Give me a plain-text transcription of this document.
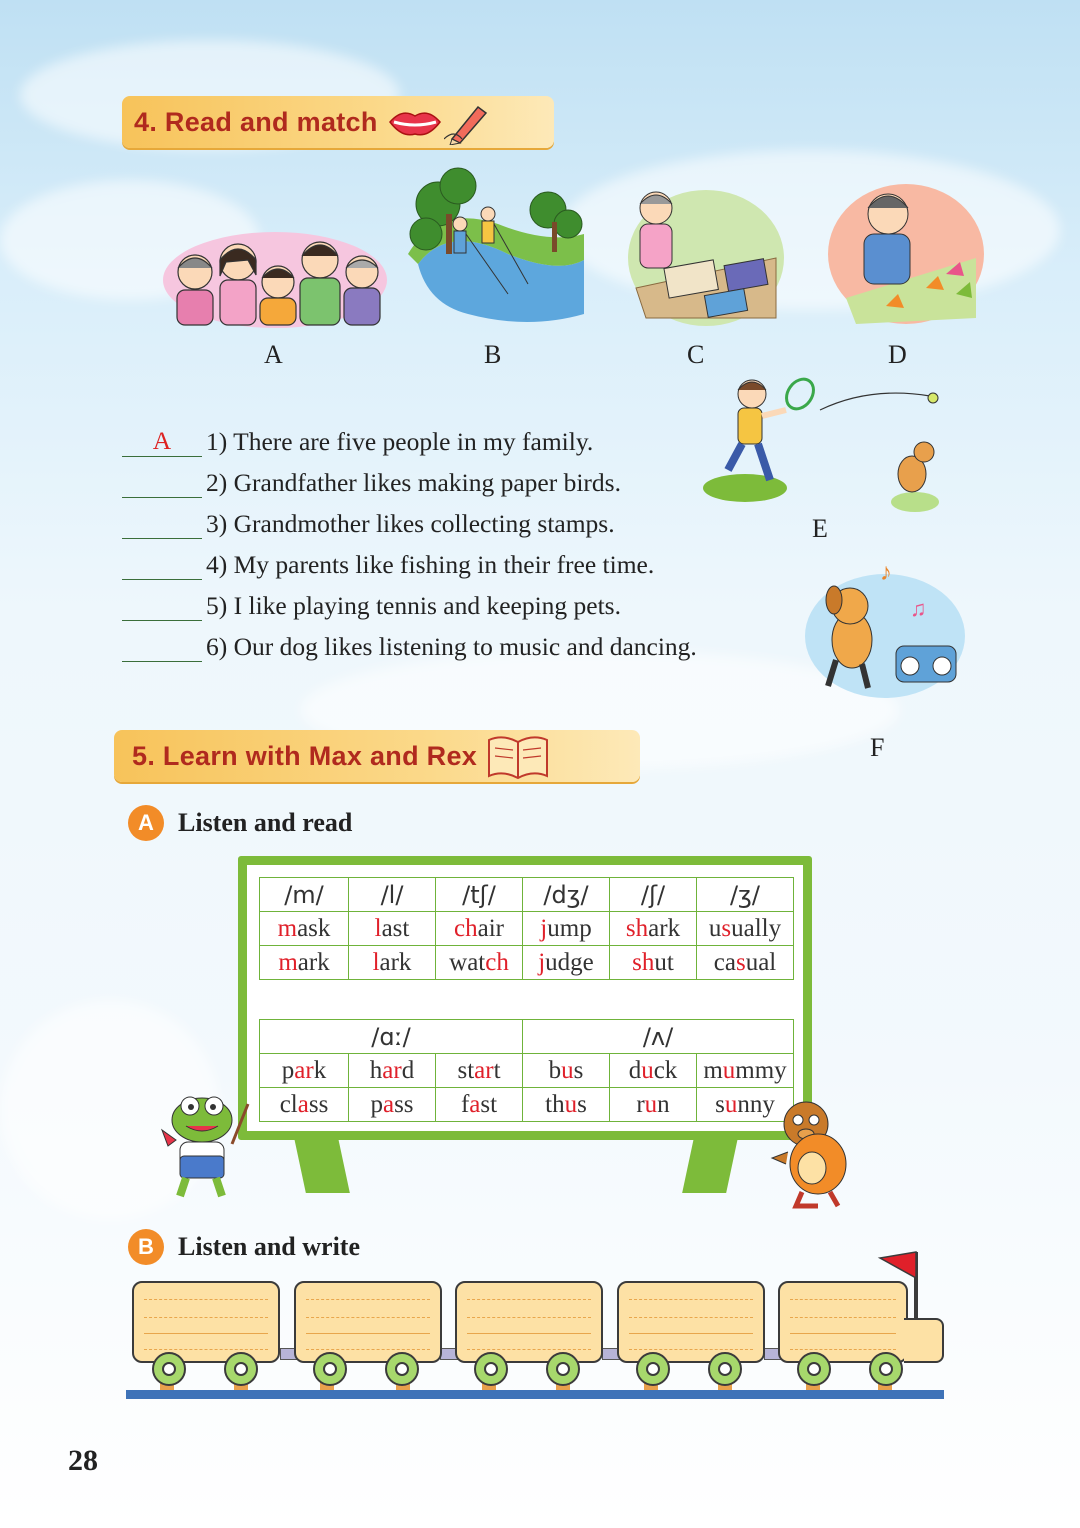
4. Read and match
A	B	C	D
E
♪
♫
F
A	1) There are five people in my family.
2) Grandfather likes making paper birds.
3) Grandmother likes collecting stamps.
4) My parents like fishing in their free time.
5) I like playing tennis and keeping pets.
6) Our dog likes listening to music and dancing.
5. Learn with Max and Rex
A Listen and read
/m/	/l/	/tʃ/	/dʒ/	/ʃ/	/ʒ/
mask	last	chair	jump	shark	usually
mark	lark	watch	judge	shut	casual
/ɑː/			/ʌ/		
park	hard	start	bus	duck	mummy
class	pass	fast	thus	run	sunny
B Listen and write
28
